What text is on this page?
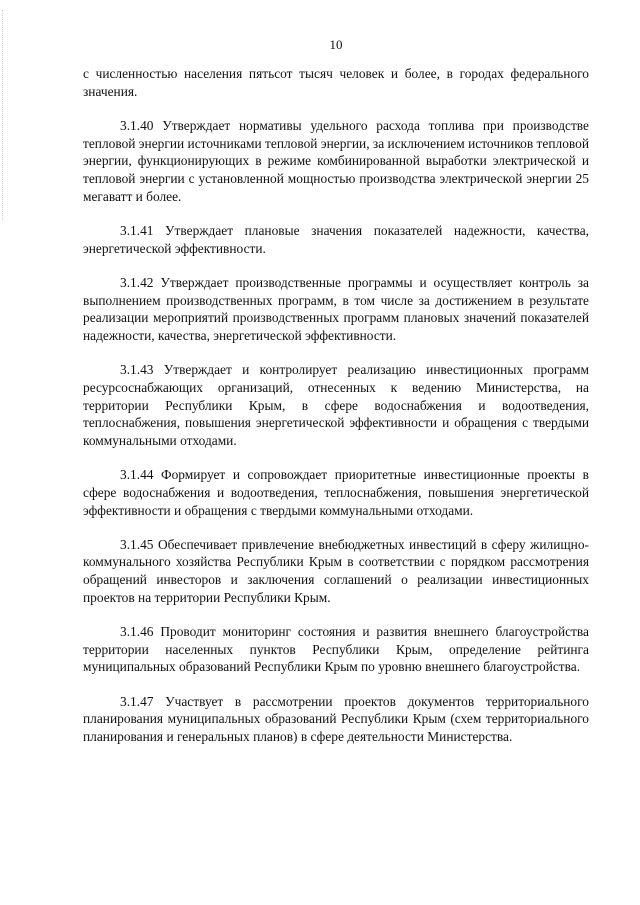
10

с численностью населения пятьсот тысяч человек и более, в городах федерального значения.

3.1.40 Утверждает нормативы удельного расхода топлива при производстве тепловой энергии источниками тепловой энергии, за исключением источников тепловой энергии, функционирующих в режиме комбинированной выработки электрической и тепловой энергии с установленной мощностью производства электрической энергии 25 мегаватт и более.

3.1.41 Утверждает плановые значения показателей надежности, качества, энергетической эффективности.

3.1.42 Утверждает производственные программы и осуществляет контроль за выполнением производственных программ, в том числе за достижением в результате реализации мероприятий производственных программ плановых значений показателей надежности, качества, энергетической эффективности.

3.1.43 Утверждает и контролирует реализацию инвестиционных программ ресурсоснабжающих организаций, отнесенных к ведению Министерства, на территории Республики Крым, в сфере водоснабжения и водоотведения, теплоснабжения, повышения энергетической эффективности и обращения с твердыми коммунальными отходами.

3.1.44 Формирует и сопровождает приоритетные инвестиционные проекты в сфере водоснабжения и водоотведения, теплоснабжения, повышения энергетической эффективности и обращения с твердыми коммунальными отходами.

3.1.45 Обеспечивает привлечение внебюджетных инвестиций в сферу жилищно-коммунального хозяйства Республики Крым в соответствии с порядком рассмотрения обращений инвесторов и заключения соглашений о реализации инвестиционных проектов на территории Республики Крым.

3.1.46 Проводит мониторинг состояния и развития внешнего благоустройства территории населенных пунктов Республики Крым, определение рейтинга муниципальных образований Республики Крым по уровню внешнего благоустройства.

3.1.47 Участвует в рассмотрении проектов документов территориального планирования муниципальных образований Республики Крым (схем территориального планирования и генеральных планов) в сфере деятельности Министерства.
